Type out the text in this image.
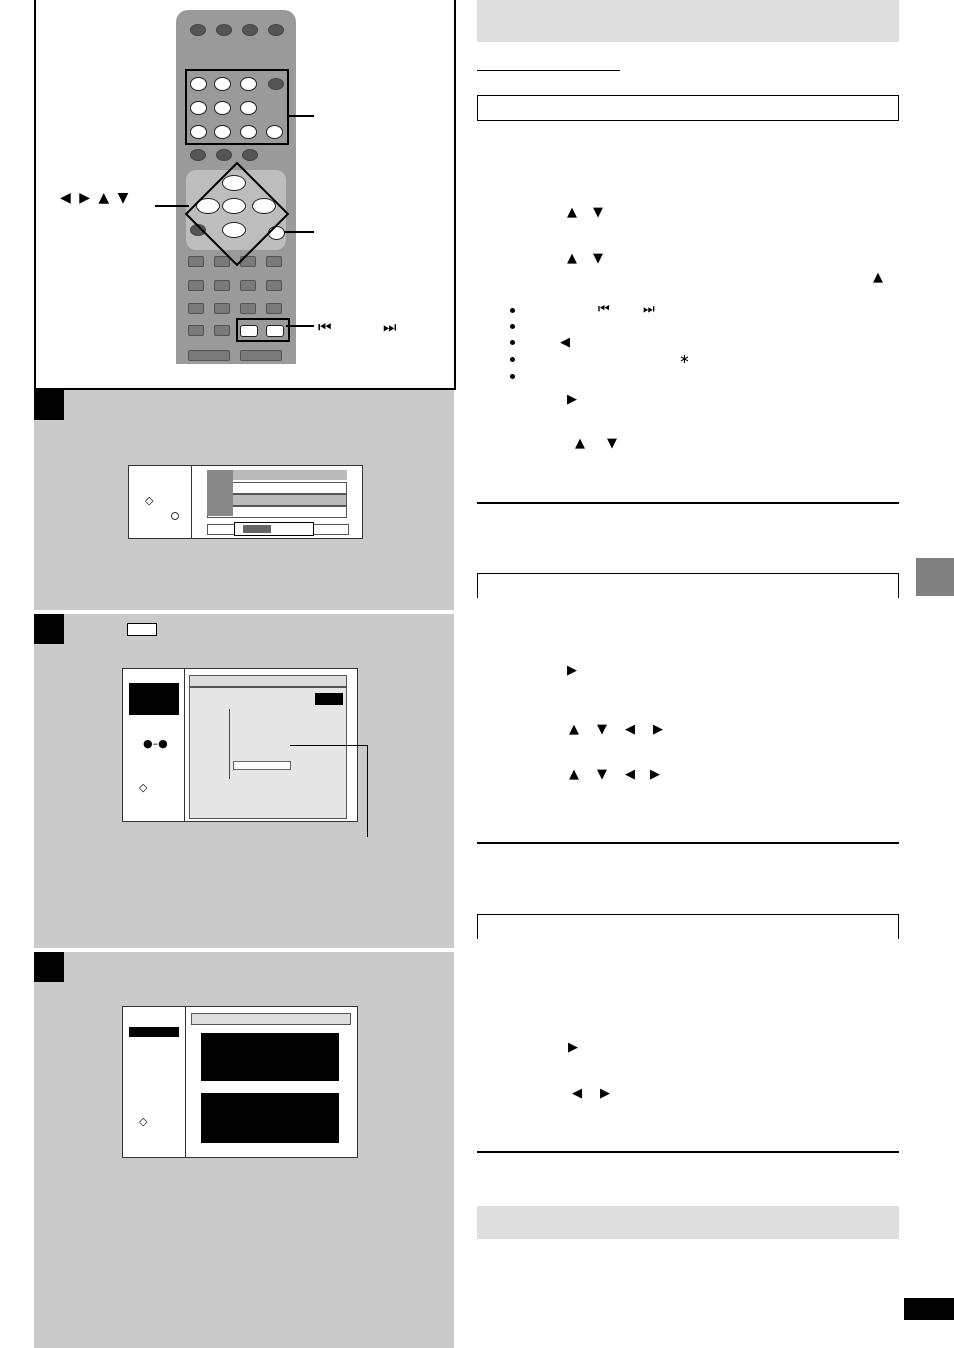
◀ ▶ ▲ ▼
⏮	⏭
◇
●–●
◇
◇
▲ ▼
▲ ▼
▲
⏮	⏭
◀
∗
▶
▲ ▼
▶
▲ ▼ ◀ ▶
▲ ▼ ◀ ▶
▶
◀ ▶
